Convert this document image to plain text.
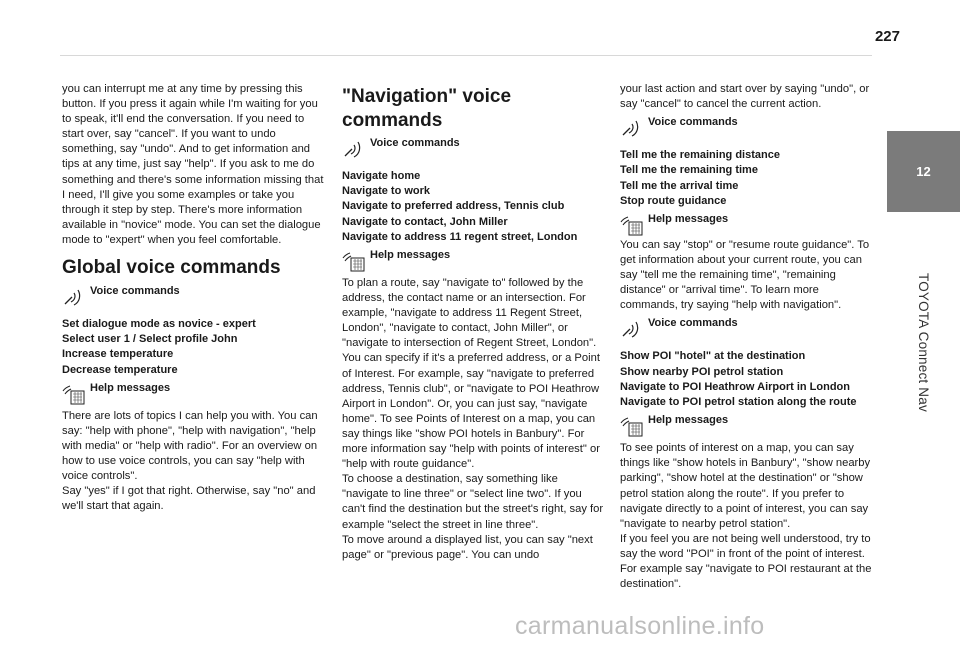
227
12
TOYOTA Connect Nav

you can interrupt me at any time by pressing this button. If you press it again while I'm waiting for you to speak, it'll end the conversation. If you need to start over, say "cancel". If you want to undo something, say "undo". And to get information and tips at any time, just say "help". If you ask to me do something and there's some information missing that I need, I'll give you some examples or take you through it step by step. There's more information available in "novice" mode. You can set the dialogue mode to "expert" when you feel comfortable.

Global voice commands
Voice commands
Set dialogue mode as novice - expert
Select user 1 / Select profile John
Increase temperature
Decrease temperature
Help messages

There are lots of topics I can help you with. You can say: "help with phone", "help with navigation", "help with media" or "help with radio". For an overview on how to use voice controls, you can say "help with voice controls".

Say "yes" if I got that right. Otherwise, say "no" and we'll start that again.

"Navigation" voice
commands
Voice commands
Navigate home
Navigate to work
Navigate to preferred address, Tennis club
Navigate to contact, John Miller
Navigate to address 11 regent street, London
Help messages

To plan a route, say "navigate to" followed by the address, the contact name or an intersection. For example, "navigate to address 11 Regent Street, London", "navigate to contact, John Miller", or "navigate to intersection of Regent Street, London". You can specify if it's a preferred address, or a Point of Interest. For example, say "navigate to preferred address, Tennis club", or "navigate to POI Heathrow Airport in London". Or, you can just say, "navigate home". To see Points of Interest on a map, you can say things like "show POI hotels in Banbury". For more information say "help with points of interest" or "help with route guidance".

To choose a destination, say something like "navigate to line three" or "select line two". If you can't find the destination but the street's right, say for example "select the street in line three".

To move around a displayed list, you can say "next page" or "previous page". You can undo

your last action and start over by saying "undo", or say "cancel" to cancel the current action.

Voice commands
Tell me the remaining distance
Tell me the remaining time
Tell me the arrival time
Stop route guidance
Help messages

You can say "stop" or "resume route guidance". To get information about your current route, you can say "tell me the remaining time", "remaining distance" or "arrival time". To learn more commands, try saying "help with navigation".

Voice commands
Show POI "hotel" at the destination
Show nearby POI petrol station
Navigate to POI Heathrow Airport in London
Navigate to POI petrol station along the route
Help messages

To see points of interest on a map, you can say things like "show hotels in Banbury", "show nearby parking", "show hotel at the destination" or "show petrol station along the route". If you prefer to navigate directly to a point of interest, you can say "navigate to nearby petrol station".

If you feel you are not being well understood, try to say the word "POI" in front of the point of interest. For example say "navigate to POI restaurant at the destination".

carmanualsonline.info
